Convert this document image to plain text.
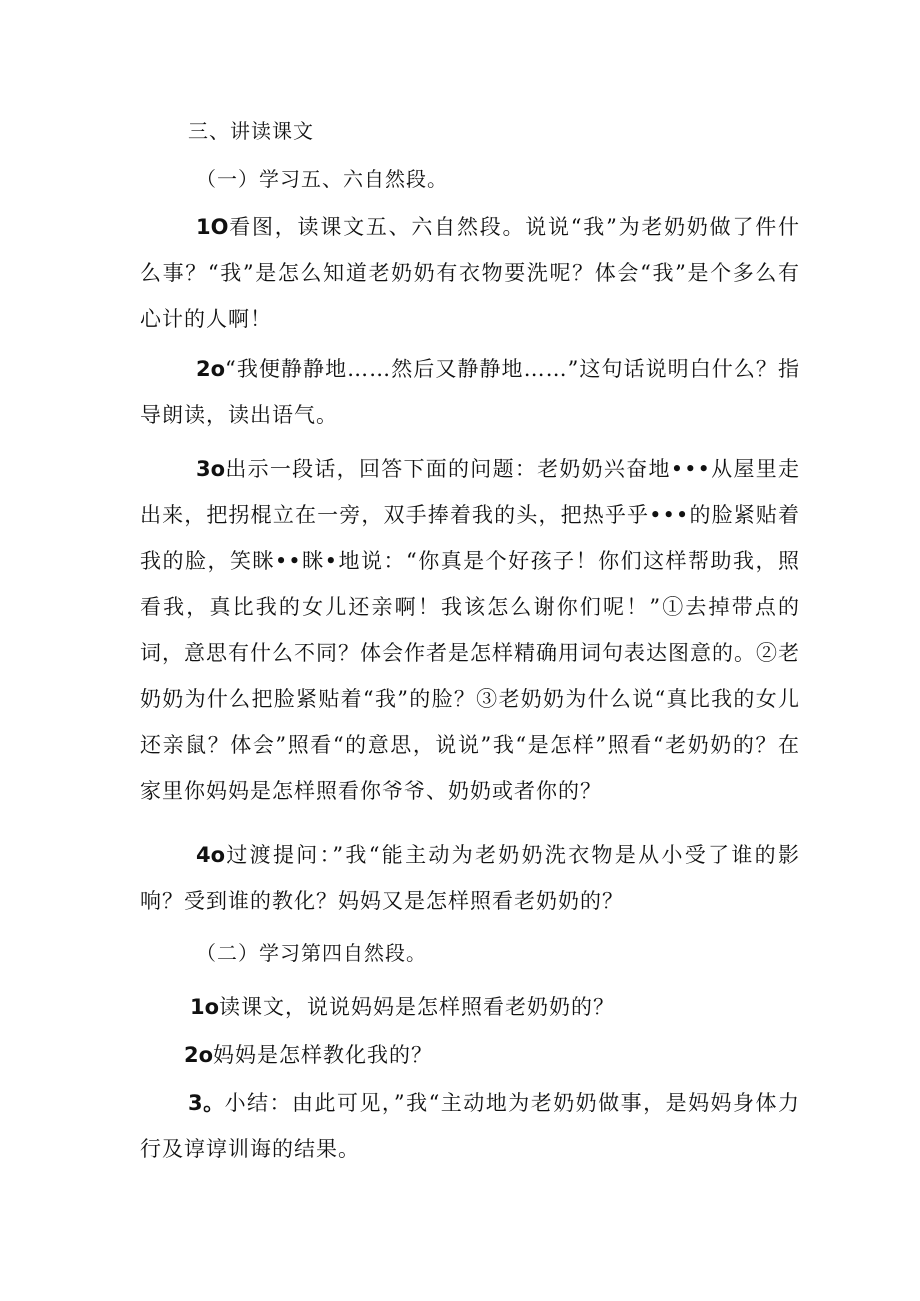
三、讲读课文
（一）学习五、六自然段。
1O看图，读课文五、六自然段。说说“我”为老奶奶做了件什么事？“我”是怎么知道老奶奶有衣物要洗呢？体会“我”是个多么有心计的人啊！
2o“我便静静地……然后又静静地……”这句话说明白什么？指导朗读，读出语气。
3o出示一段话，回答下面的问题：老奶奶兴奋地•••从屋里走出来，把拐棍立在一旁，双手捧着我的头，把热乎乎•••的脸紧贴着我的脸，笑眯••眯•地说：“你真是个好孩子！你们这样帮助我，照看我，真比我的女儿还亲啊！我该怎么谢你们呢！”①去掉带点的词，意思有什么不同？体会作者是怎样精确用词句表达图意的。②老奶奶为什么把脸紧贴着“我”的脸？③老奶奶为什么说“真比我的女儿还亲鼠？体会”照看“的意思，说说”我“是怎样”照看“老奶奶的？在家里你妈妈是怎样照看你爷爷、奶奶或者你的？
4o过渡提问：”我“能主动为老奶奶洗衣物是从小受了谁的影响？受到谁的教化？妈妈又是怎样照看老奶奶的？
（二）学习第四自然段。
1o读课文，说说妈妈是怎样照看老奶奶的？
2o妈妈是怎样教化我的？
3。小结：由此可见，”我“主动地为老奶奶做事，是妈妈身体力行及谆谆训诲的结果。
